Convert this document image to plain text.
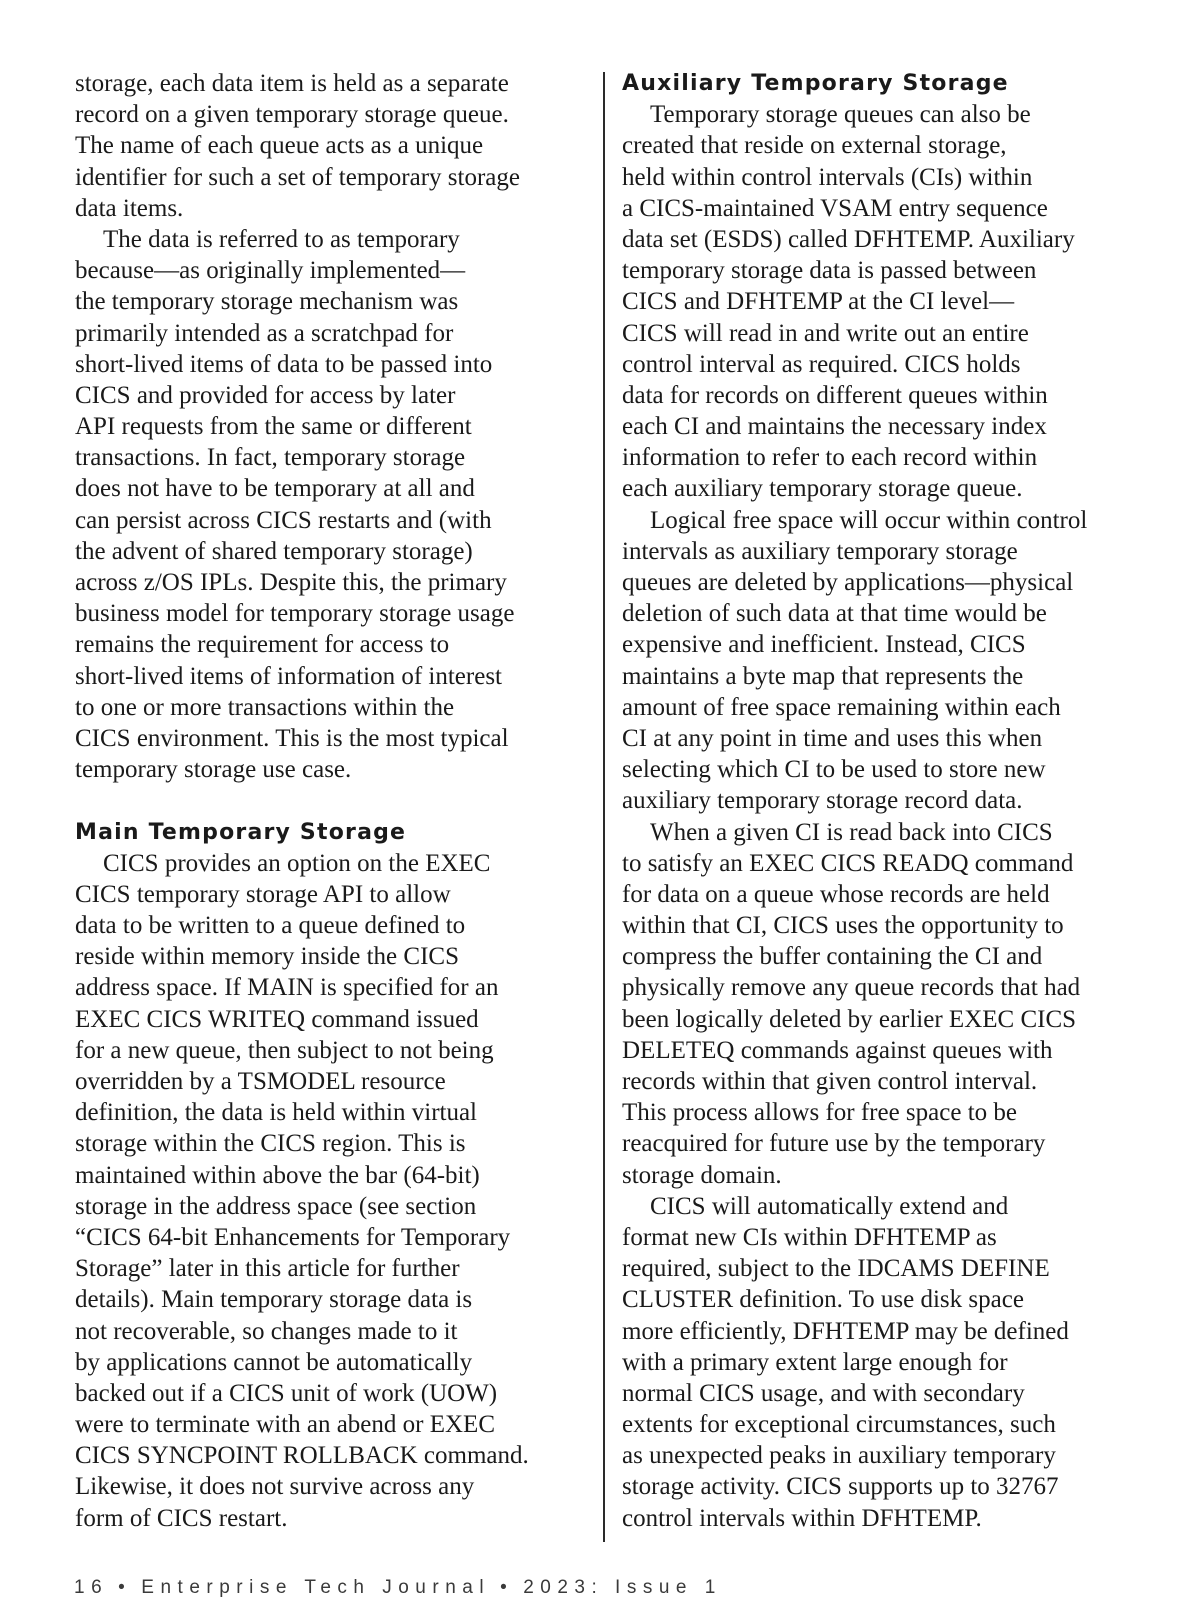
storage, each data item is held as a separate
record on a given temporary storage queue.
The name of each queue acts as a unique
identifier for such a set of temporary storage
data items.
The data is referred to as temporary
because—as originally implemented—
the temporary storage mechanism was
primarily intended as a scratchpad for
short-lived items of data to be passed into
CICS and provided for access by later
API requests from the same or different
transactions. In fact, temporary storage
does not have to be temporary at all and
can persist across CICS restarts and (with
the advent of shared temporary storage)
across z/OS IPLs. Despite this, the primary
business model for temporary storage usage
remains the requirement for access to
short-lived items of information of interest
to one or more transactions within the
CICS environment. This is the most typical
temporary storage use case.
Main Temporary Storage
CICS provides an option on the EXEC
CICS temporary storage API to allow
data to be written to a queue defined to
reside within memory inside the CICS
address space. If MAIN is specified for an
EXEC CICS WRITEQ command issued
for a new queue, then subject to not being
overridden by a TSMODEL resource
definition, the data is held within virtual
storage within the CICS region. This is
maintained within above the bar (64-bit)
storage in the address space (see section
“CICS 64-bit Enhancements for Temporary
Storage” later in this article for further
details). Main temporary storage data is
not recoverable, so changes made to it
by applications cannot be automatically
backed out if a CICS unit of work (UOW)
were to terminate with an abend or EXEC
CICS SYNCPOINT ROLLBACK command.
Likewise, it does not survive across any
form of CICS restart.
Auxiliary Temporary Storage
Temporary storage queues can also be
created that reside on external storage,
held within control intervals (CIs) within
a CICS-maintained VSAM entry sequence
data set (ESDS) called DFHTEMP. Auxiliary
temporary storage data is passed between
CICS and DFHTEMP at the CI level—
CICS will read in and write out an entire
control interval as required. CICS holds
data for records on different queues within
each CI and maintains the necessary index
information to refer to each record within
each auxiliary temporary storage queue.
Logical free space will occur within control
intervals as auxiliary temporary storage
queues are deleted by applications—physical
deletion of such data at that time would be
expensive and inefficient. Instead, CICS
maintains a byte map that represents the
amount of free space remaining within each
CI at any point in time and uses this when
selecting which CI to be used to store new
auxiliary temporary storage record data.
When a given CI is read back into CICS
to satisfy an EXEC CICS READQ command
for data on a queue whose records are held
within that CI, CICS uses the opportunity to
compress the buffer containing the CI and
physically remove any queue records that had
been logically deleted by earlier EXEC CICS
DELETEQ commands against queues with
records within that given control interval.
This process allows for free space to be
reacquired for future use by the temporary
storage domain.
CICS will automatically extend and
format new CIs within DFHTEMP as
required, subject to the IDCAMS DEFINE
CLUSTER definition. To use disk space
more efficiently, DFHTEMP may be defined
with a primary extent large enough for
normal CICS usage, and with secondary
extents for exceptional circumstances, such
as unexpected peaks in auxiliary temporary
storage activity. CICS supports up to 32767
control intervals within DFHTEMP.
16 • Enterprise Tech Journal • 2023: Issue 1
